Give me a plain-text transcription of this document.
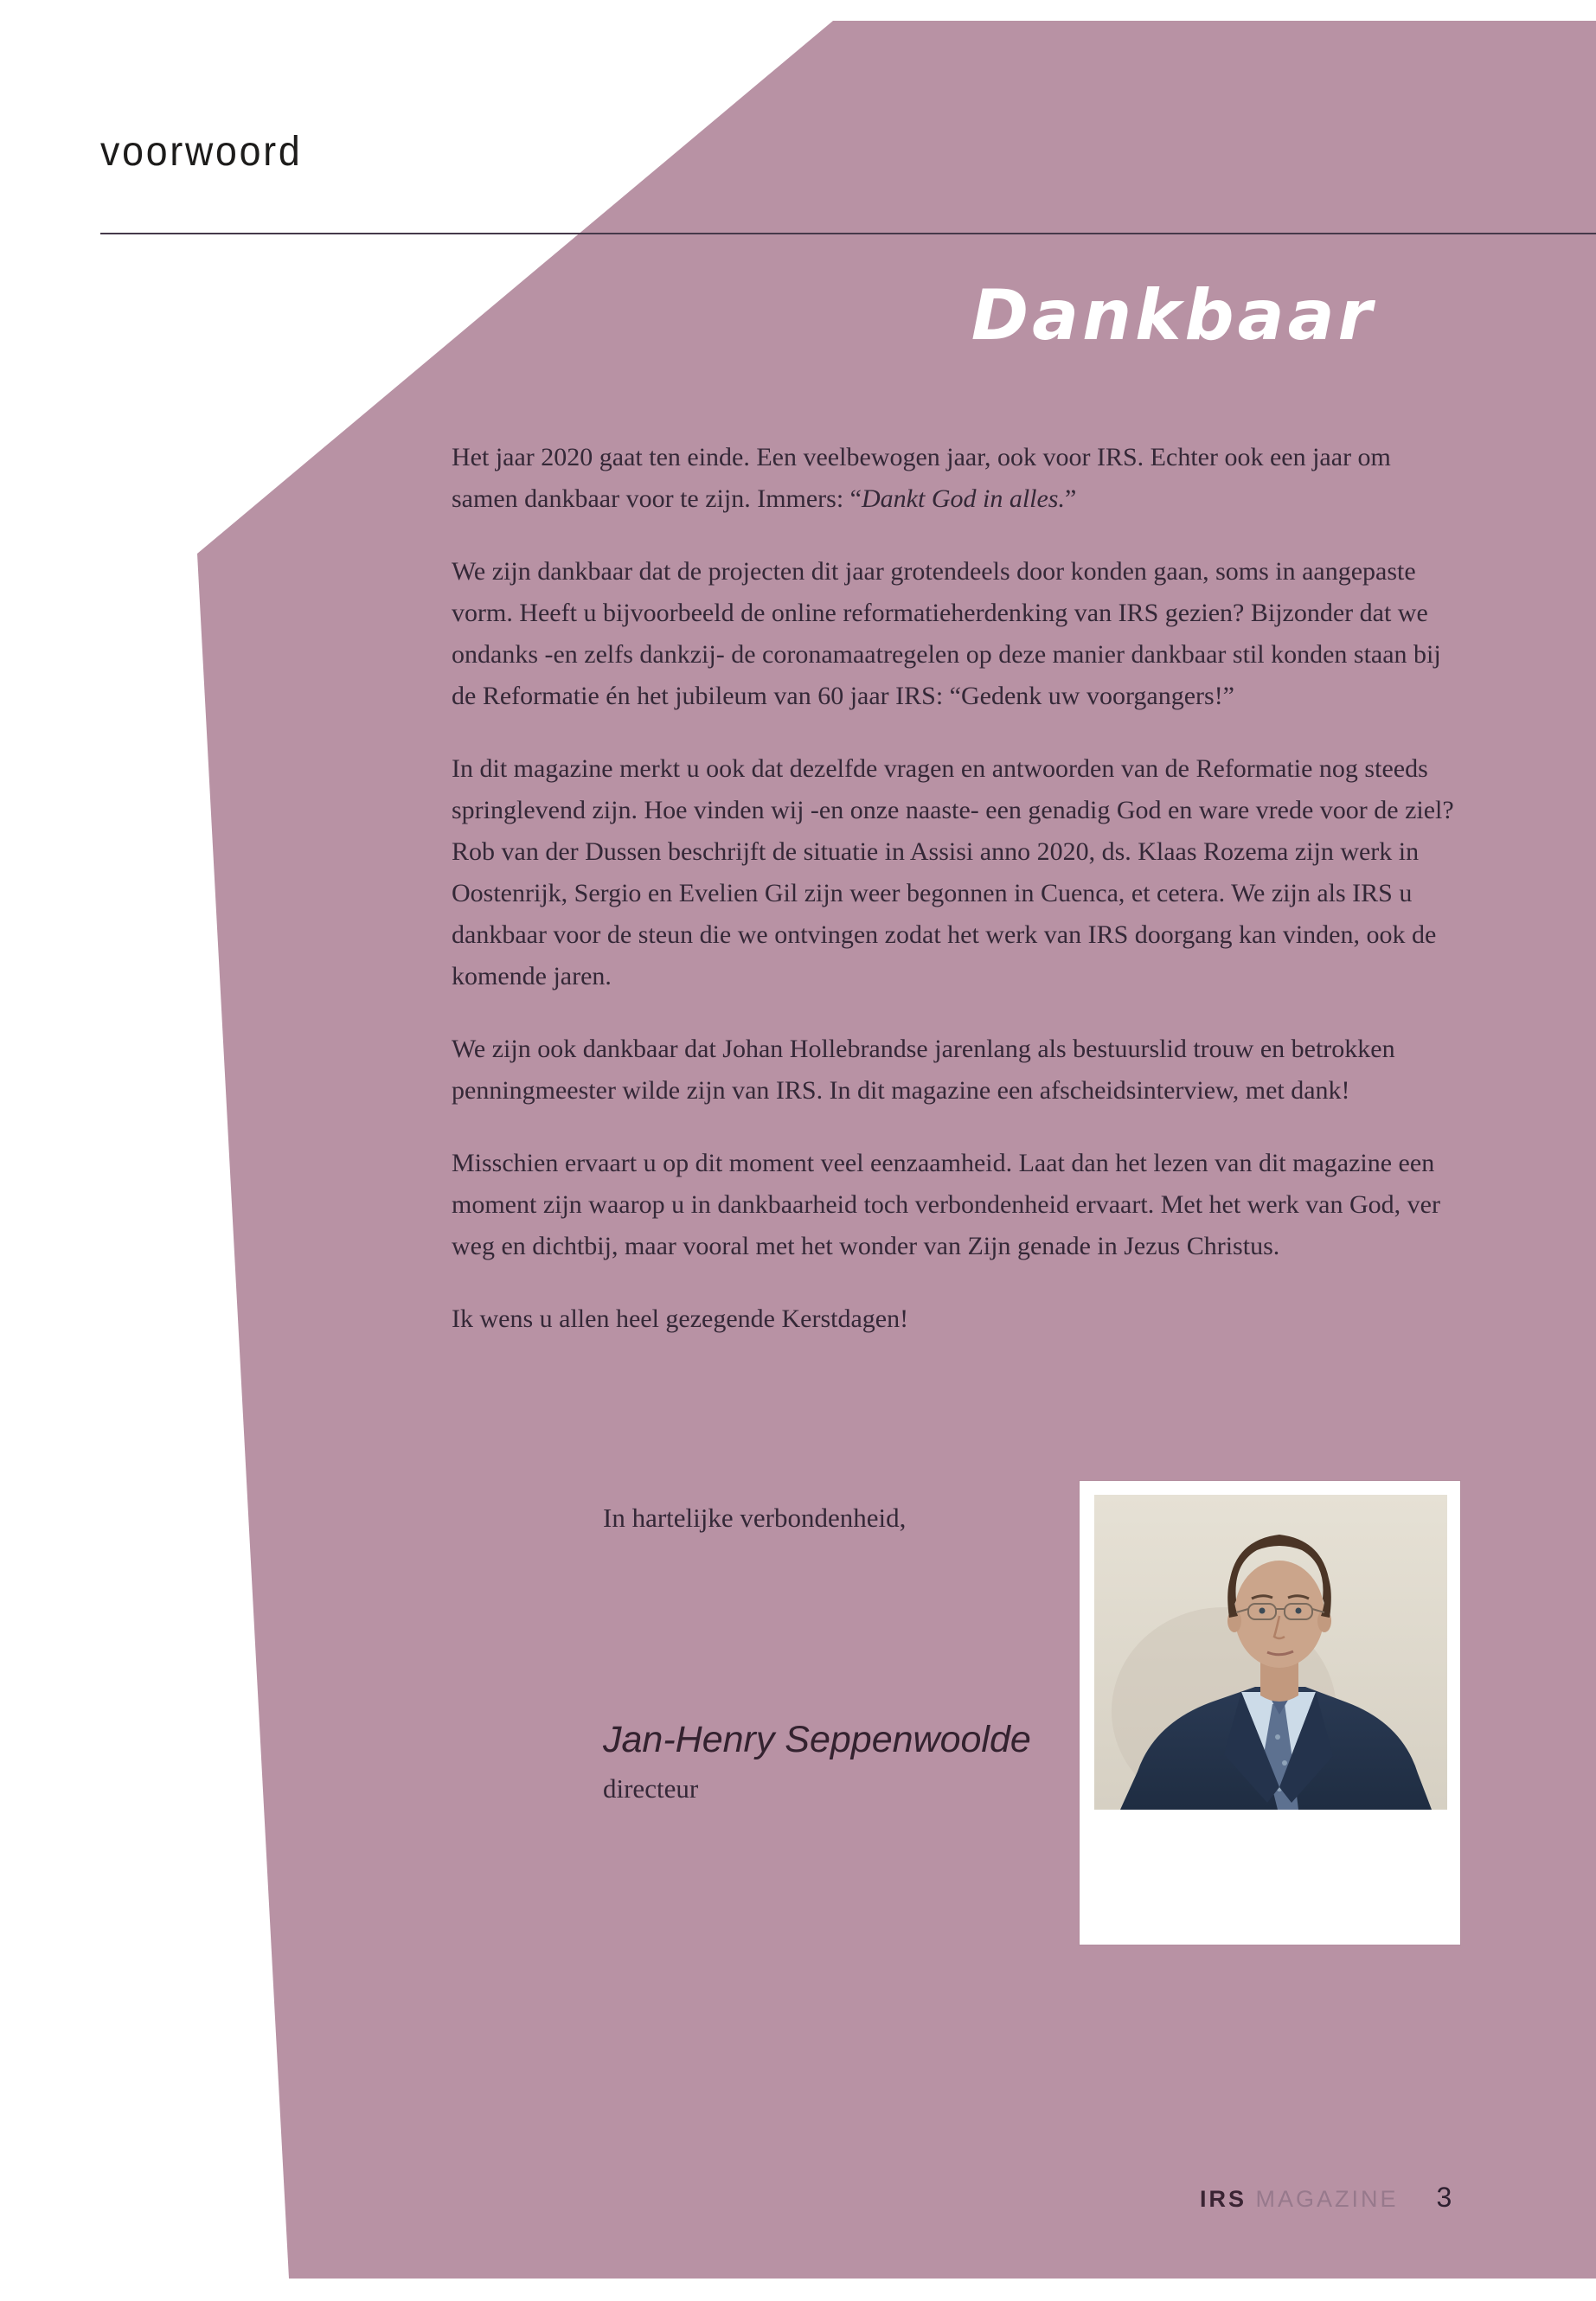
voorwoord
Dankbaar

Het jaar 2020 gaat ten einde. Een veelbewogen jaar, ook voor IRS. Echter ook een jaar om samen dankbaar voor te zijn. Immers: “Dankt God in alles.”

We zijn dankbaar dat de projecten dit jaar grotendeels door konden gaan, soms in aangepaste vorm. Heeft u bijvoorbeeld de online reformatieherdenking van IRS gezien? Bijzonder dat we ondanks -en zelfs dankzij- de coronamaatregelen op deze manier dankbaar stil konden staan bij de Reformatie én het jubileum van 60 jaar IRS: “Gedenk uw voorgangers!”

In dit magazine merkt u ook dat dezelfde vragen en antwoorden van de Reformatie nog steeds springlevend zijn. Hoe vinden wij -en onze naaste- een genadig God en ware vrede voor de ziel? Rob van der Dussen beschrijft de situatie in Assisi anno 2020, ds. Klaas Rozema zijn werk in Oostenrijk, Sergio en Evelien Gil zijn weer begonnen in Cuenca, et cetera. We zijn als IRS u dankbaar voor de steun die we ontvingen zodat het werk van IRS doorgang kan vinden, ook de komende jaren.

We zijn ook dankbaar dat Johan Hollebrandse jarenlang als bestuurslid trouw en betrokken penningmeester wilde zijn van IRS. In dit magazine een afscheidsinterview, met dank!

Misschien ervaart u op dit moment veel eenzaamheid. Laat dan het lezen van dit magazine een moment zijn waarop u in dankbaarheid toch verbondenheid ervaart. Met het werk van God, ver weg en dichtbij, maar vooral met het wonder van Zijn genade in Jezus Christus.

Ik wens u allen heel gezegende Kerstdagen!

In hartelijke verbondenheid,

Jan-Henry Seppenwoolde

directeur

IRS MAGAZINE 3
